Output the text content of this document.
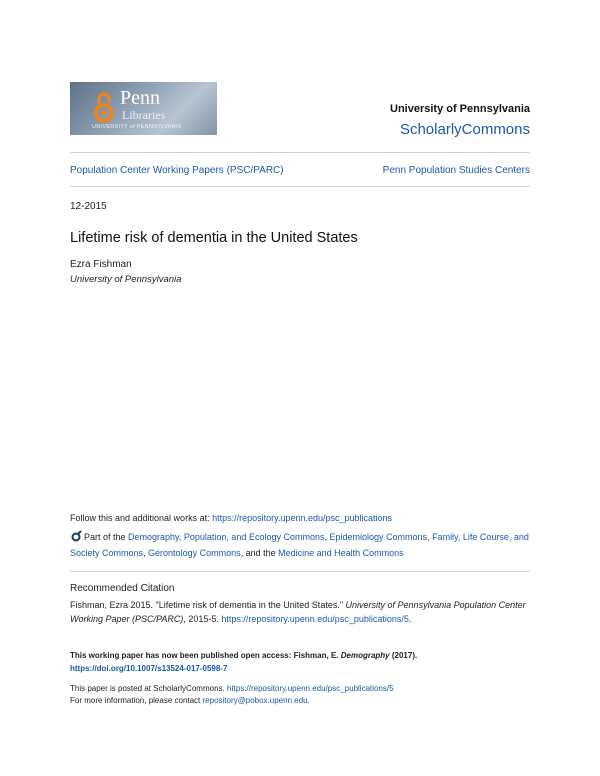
Penn
Libraries
UNIVERSITY of PENNSYLVANIA
University of Pennsylvania
ScholarlyCommons
Population Center Working Papers (PSC/PARC)	Penn Population Studies Centers
12-2015
Lifetime risk of dementia in the United States
Ezra Fishman
University of Pennsylvania
Follow this and additional works at: https://repository.upenn.edu/psc_publications
Part of the Demography, Population, and Ecology Commons, Epidemiology Commons, Family, Life Course, and Society Commons, Gerontology Commons, and the Medicine and Health Commons
Recommended Citation
Fishman, Ezra 2015. "Lifetime risk of dementia in the United States." University of Pennsylvania Population Center Working Paper (PSC/PARC), 2015-5. https://repository.upenn.edu/psc_publications/5.
This working paper has now been published open access: Fishman, E. Demography (2017). https://doi.org/10.1007/s13524-017-0598-7
This paper is posted at ScholarlyCommons. https://repository.upenn.edu/psc_publications/5
For more information, please contact repository@pobox.upenn.edu.
